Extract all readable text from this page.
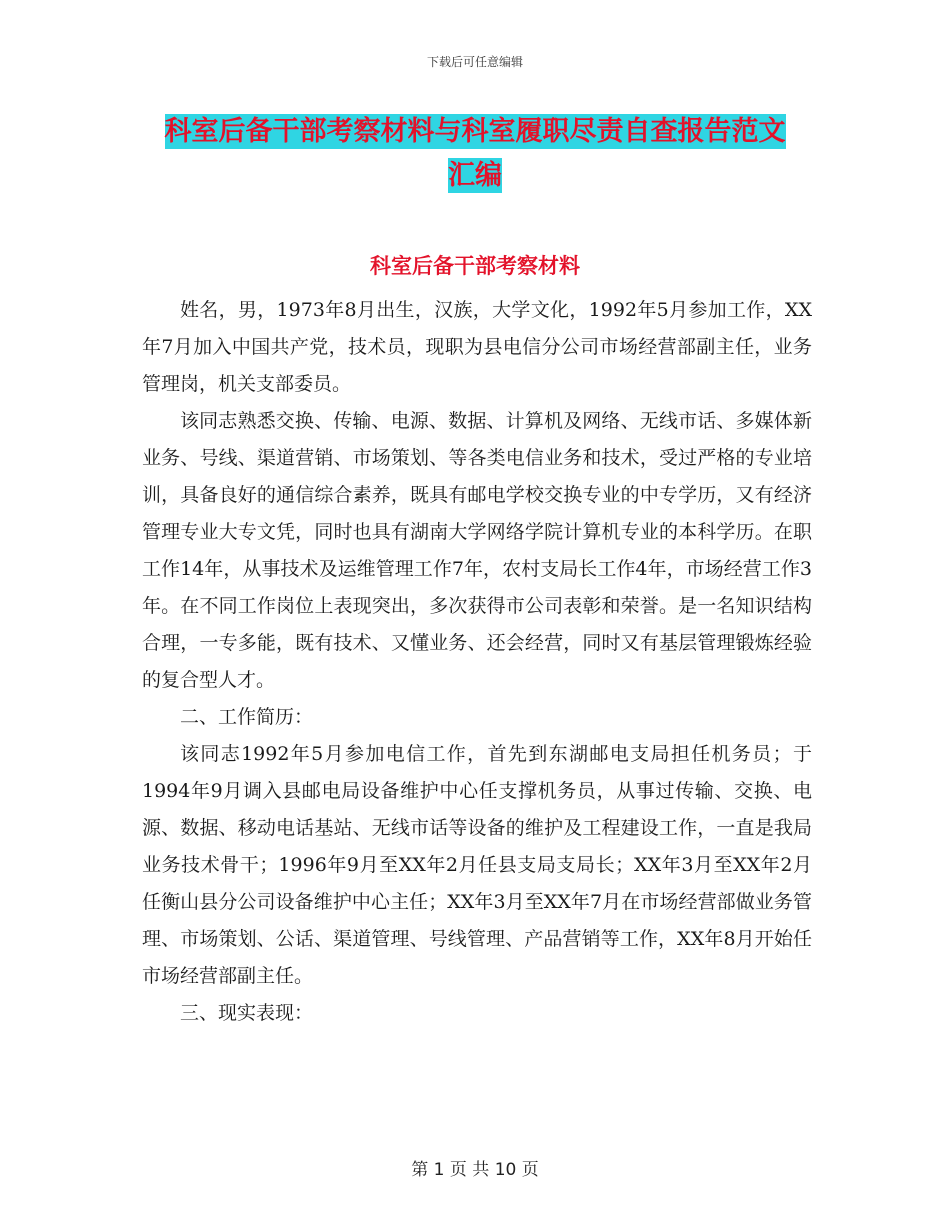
下载后可任意编辑
科室后备干部考察材料与科室履职尽责自查报告范文
汇编
科室后备干部考察材料

姓名，男，1973年8月出生，汉族，大学文化，1992年5月参加工作，XX年7月加入中国共产党，技术员，现职为县电信分公司市场经营部副主任，业务管理岗，机关支部委员。

该同志熟悉交换、传输、电源、数据、计算机及网络、无线市话、多媒体新业务、号线、渠道营销、市场策划、等各类电信业务和技术，受过严格的专业培训，具备良好的通信综合素养，既具有邮电学校交换专业的中专学历，又有经济管理专业大专文凭，同时也具有湖南大学网络学院计算机专业的本科学历。在职工作14年，从事技术及运维管理工作7年，农村支局长工作4年，市场经营工作3年。在不同工作岗位上表现突出，多次获得市公司表彰和荣誉。是一名知识结构合理，一专多能，既有技术、又懂业务、还会经营，同时又有基层管理锻炼经验的复合型人才。

二、工作简历：

该同志1992年5月参加电信工作，首先到东湖邮电支局担任机务员；于1994年9月调入县邮电局设备维护中心任支撑机务员，从事过传输、交换、电源、数据、移动电话基站、无线市话等设备的维护及工程建设工作，一直是我局业务技术骨干；1996年9月至XX年2月任县支局支局长；XX年3月至XX年2月任衡山县分公司设备维护中心主任；XX年3月至XX年7月在市场经营部做业务管理、市场策划、公话、渠道管理、号线管理、产品营销等工作，XX年8月开始任市场经营部副主任。

三、现实表现：

第 1 页 共 10 页
